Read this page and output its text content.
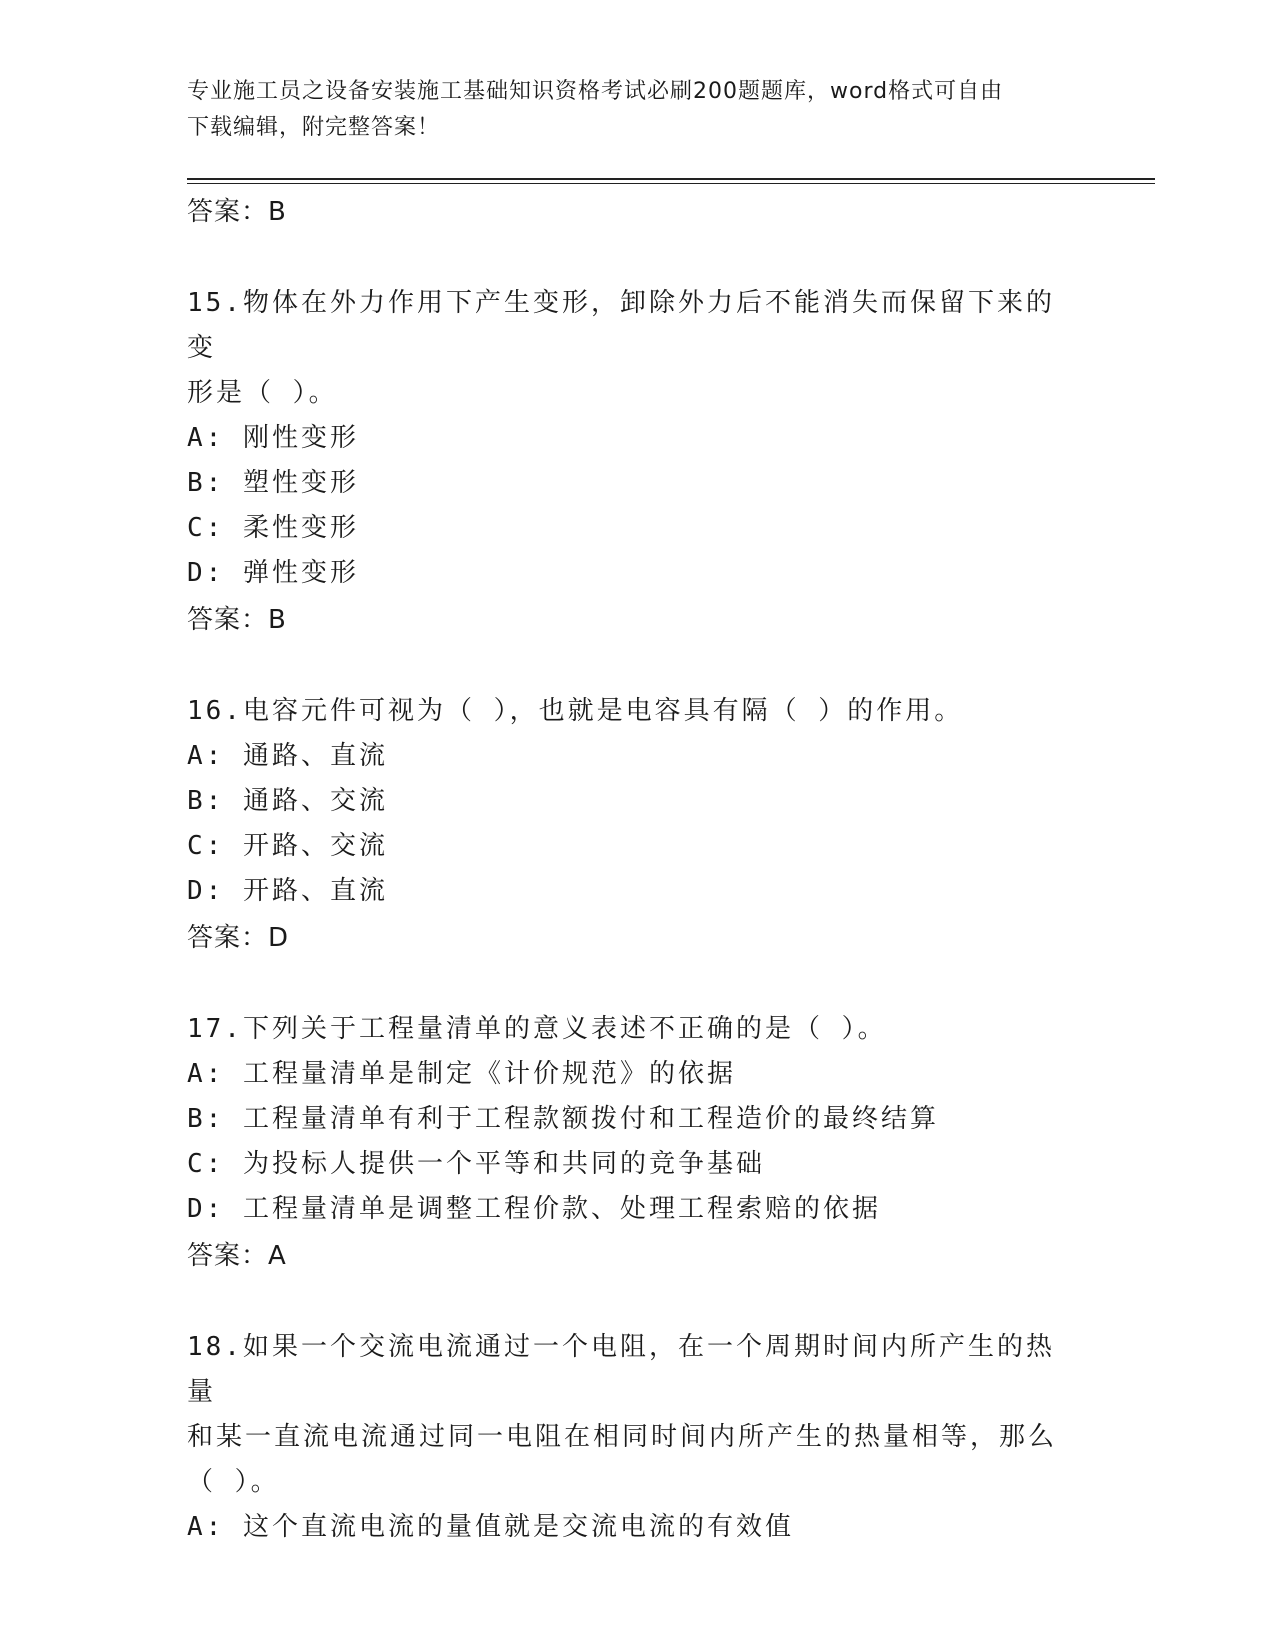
专业施工员之设备安装施工基础知识资格考试必刷200题题库，word格式可自由
下载编辑，附完整答案！

答案：B

15.物体在外力作用下产生变形，卸除外力后不能消失而保留下来的变

形是（ ）。

A: 刚性变形

B: 塑性变形

C: 柔性变形

D: 弹性变形

答案：B

16.电容元件可视为（ ），也就是电容具有隔（ ）的作用。

A: 通路、直流

B: 通路、交流

C: 开路、交流

D: 开路、直流

答案：D

17.下列关于工程量清单的意义表述不正确的是（ ）。

A: 工程量清单是制定《计价规范》的依据

B: 工程量清单有利于工程款额拨付和工程造价的最终结算

C: 为投标人提供一个平等和共同的竞争基础

D: 工程量清单是调整工程价款、处理工程索赔的依据

答案：A

18.如果一个交流电流通过一个电阻，在一个周期时间内所产生的热量

和某一直流电流通过同一电阻在相同时间内所产生的热量相等，那么

（ ）。

A: 这个直流电流的量值就是交流电流的有效值
